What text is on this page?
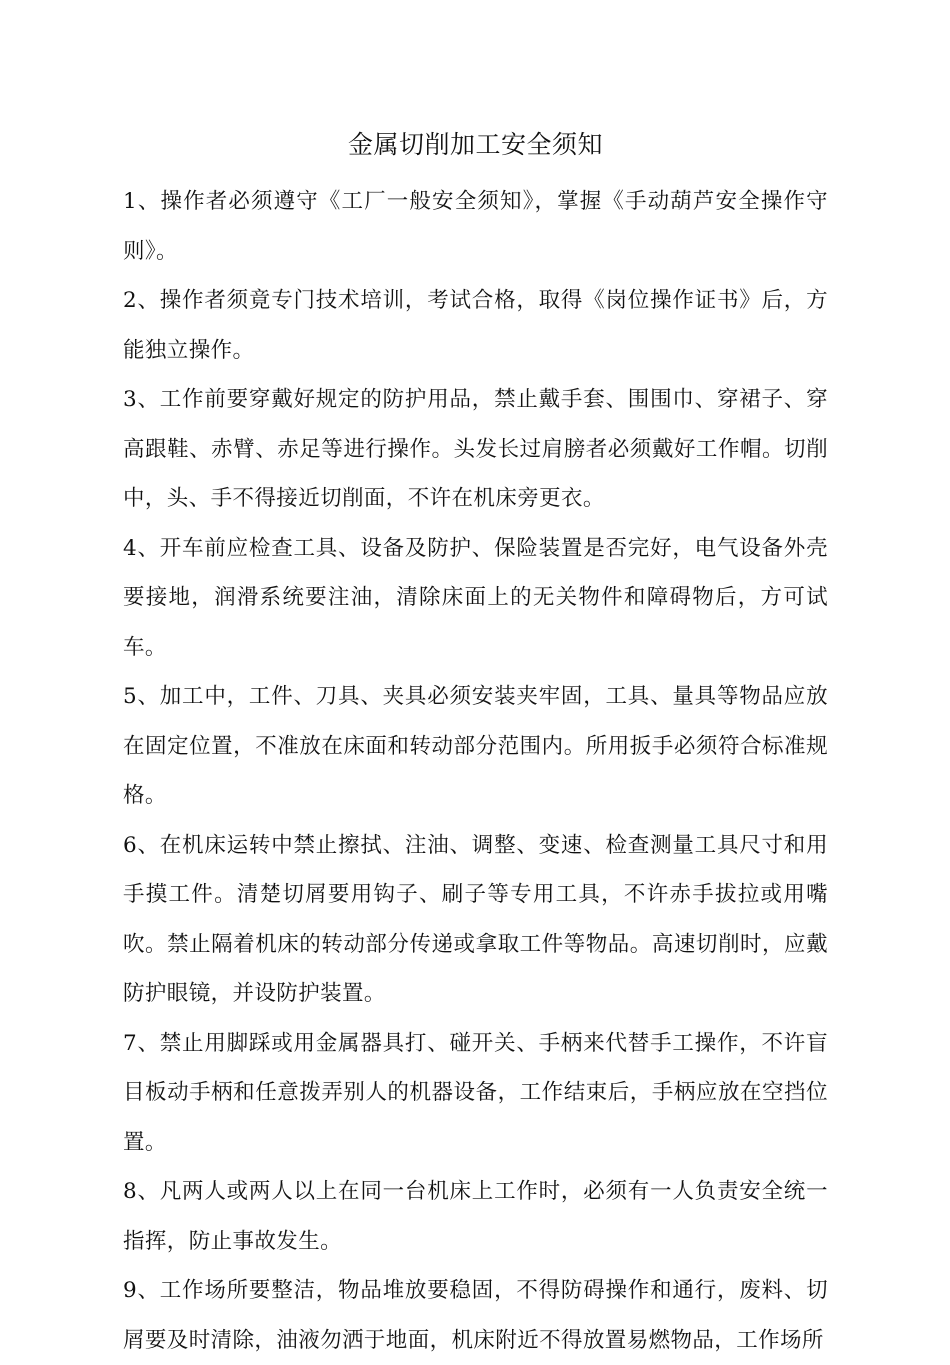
金属切削加工安全须知

1、操作者必须遵守《工厂一般安全须知》，掌握《手动葫芦安全操作守则》。

2、操作者须竟专门技术培训，考试合格，取得《岗位操作证书》后，方能独立操作。

3、工作前要穿戴好规定的防护用品，禁止戴手套、围围巾、穿裙子、穿高跟鞋、赤臂、赤足等进行操作。头发长过肩膀者必须戴好工作帽。切削中，头、手不得接近切削面，不许在机床旁更衣。

4、开车前应检查工具、设备及防护、保险装置是否完好，电气设备外壳要接地，润滑系统要注油，清除床面上的无关物件和障碍物后，方可试车。

5、加工中，工件、刀具、夹具必须安装夹牢固，工具、量具等物品应放在固定位置，不准放在床面和转动部分范围内。所用扳手必须符合标准规格。

6、在机床运转中禁止擦拭、注油、调整、变速、检查测量工具尺寸和用手摸工件。清楚切屑要用钩子、刷子等专用工具，不许赤手拔拉或用嘴吹。禁止隔着机床的转动部分传递或拿取工件等物品。高速切削时，应戴防护眼镜，并设防护装置。

7、禁止用脚踩或用金属器具打、碰开关、手柄来代替手工操作，不许盲目板动手柄和任意拨弄别人的机器设备，工作结束后，手柄应放在空挡位置。

8、凡两人或两人以上在同一台机床上工作时，必须有一人负责安全统一指挥，防止事故发生。

9、工作场所要整洁，物品堆放要稳固，不得防碍操作和通行，废料、切屑要及时清除，油液勿洒于地面，机床附近不得放置易燃物品，工作场所
